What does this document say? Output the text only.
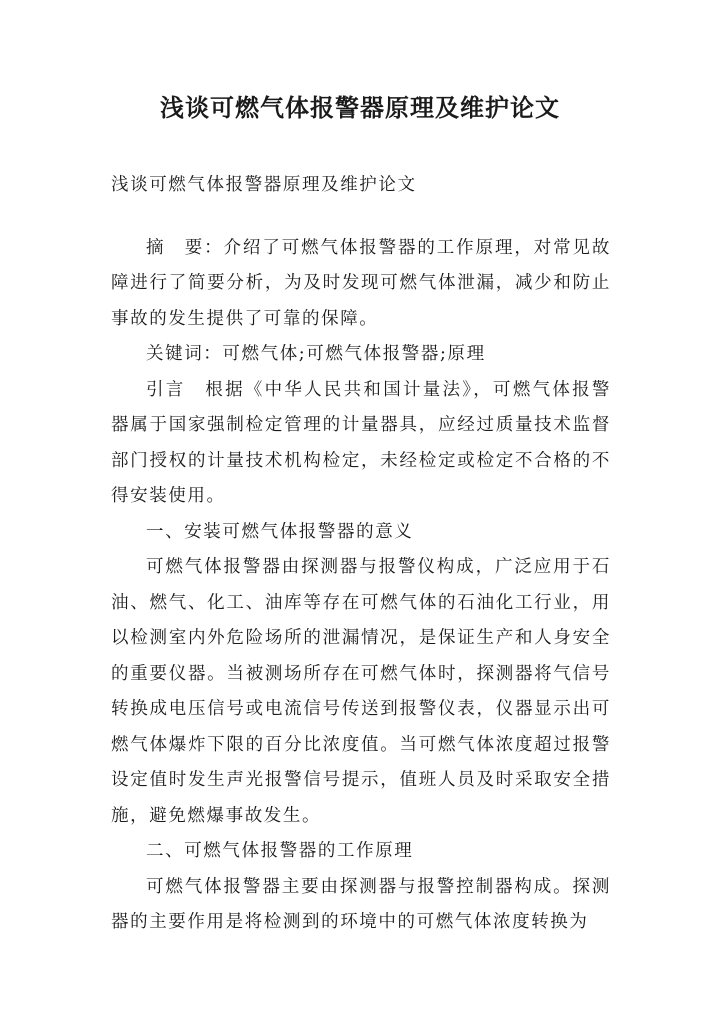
浅谈可燃气体报警器原理及维护论文

浅谈可燃气体报警器原理及维护论文

摘　要：介绍了可燃气体报警器的工作原理，对常见故障进行了简要分析，为及时发现可燃气体泄漏，减少和防止事故的发生提供了可靠的保障。

关键词：可燃气体;可燃气体报警器;原理

引言　根据《中华人民共和国计量法》，可燃气体报警器属于国家强制检定管理的计量器具，应经过质量技术监督部门授权的计量技术机构检定，未经检定或检定不合格的不得安装使用。

一、安装可燃气体报警器的意义

可燃气体报警器由探测器与报警仪构成，广泛应用于石油、燃气、化工、油库等存在可燃气体的石油化工行业，用以检测室内外危险场所的泄漏情况，是保证生产和人身安全的重要仪器。当被测场所存在可燃气体时，探测器将气信号转换成电压信号或电流信号传送到报警仪表，仪器显示出可燃气体爆炸下限的百分比浓度值。当可燃气体浓度超过报警设定值时发生声光报警信号提示，值班人员及时采取安全措施，避免燃爆事故发生。

二、可燃气体报警器的工作原理

可燃气体报警器主要由探测器与报警控制器构成。探测器的主要作用是将检测到的环境中的可燃气体浓度转换为
